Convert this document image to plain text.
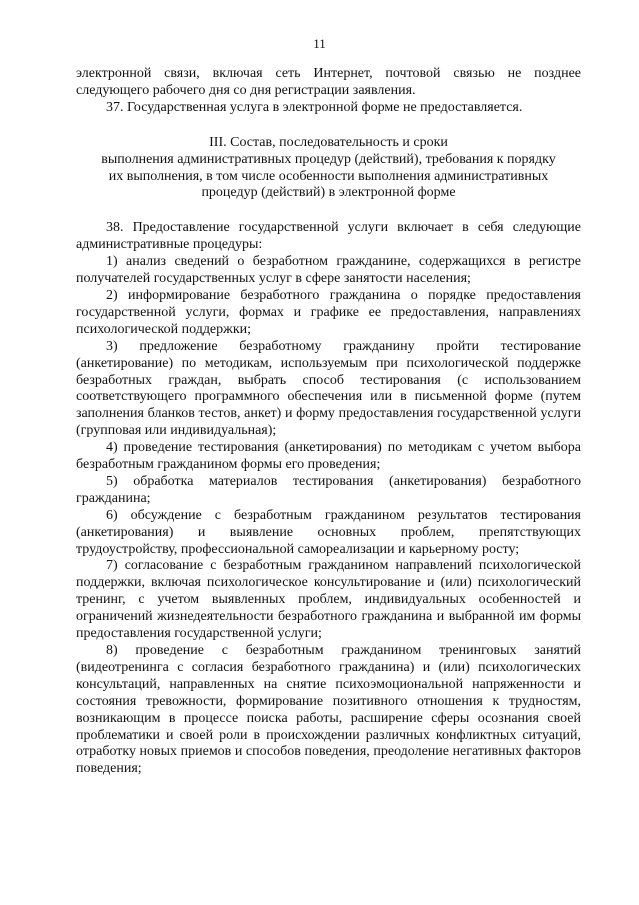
11

электронной связи, включая сеть Интернет, почтовой связью не позднее следующего рабочего дня со дня регистрации заявления.

37. Государственная услуга в электронной форме не предоставляется.

III. Состав, последовательность и сроки
выполнения административных процедур (действий), требования к порядку
их выполнения, в том числе особенности выполнения административных
процедур (действий) в электронной форме

38. Предоставление государственной услуги включает в себя следующие административные процедуры:

1) анализ сведений о безработном гражданине, содержащихся в регистре получателей государственных услуг в сфере занятости населения;

2) информирование безработного гражданина о порядке предоставления государственной услуги, формах и графике ее предоставления, направлениях психологической поддержки;

3) предложение безработному гражданину пройти тестирование (анкетирование) по методикам, используемым при психологической поддержке безработных граждан, выбрать способ тестирования (с использованием соответствующего программного обеспечения или в письменной форме (путем заполнения бланков тестов, анкет) и форму предоставления государственной услуги (групповая или индивидуальная);

4) проведение тестирования (анкетирования) по методикам с учетом выбора безработным гражданином формы его проведения;

5) обработка материалов тестирования (анкетирования) безработного гражданина;

6) обсуждение с безработным гражданином результатов тестирования (анкетирования) и выявление основных проблем, препятствующих трудоустройству, профессиональной самореализации и карьерному росту;

7) согласование с безработным гражданином направлений психологической поддержки, включая психологическое консультирование и (или) психологический тренинг, с учетом выявленных проблем, индивидуальных особенностей и ограничений жизнедеятельности безработного гражданина и выбранной им формы предоставления государственной услуги;

8) проведение с безработным гражданином тренинговых занятий (видеотренинга с согласия безработного гражданина) и (или) психологических консультаций, направленных на снятие психоэмоциональной напряженности и состояния тревожности, формирование позитивного отношения к трудностям, возникающим в процессе поиска работы, расширение сферы осознания своей проблематики и своей роли в происхождении различных конфликтных ситуаций, отработку новых приемов и способов поведения, преодоление негативных факторов поведения;
